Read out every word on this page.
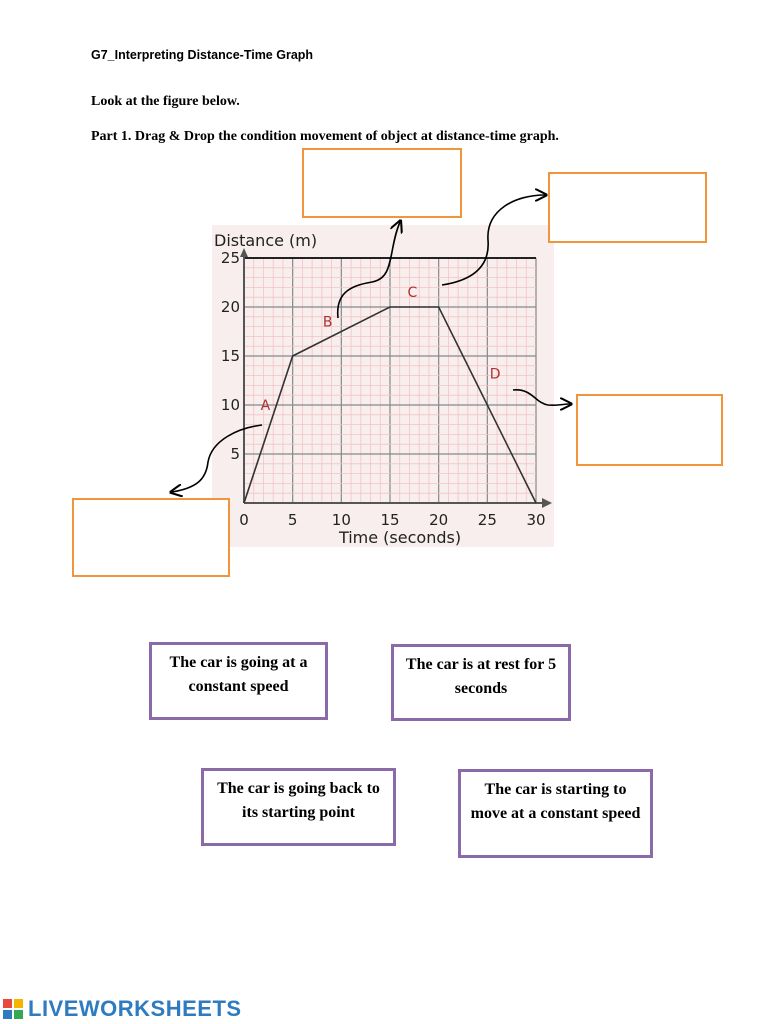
G7_Interpreting Distance-Time Graph
Look at the figure below.
Part 1. Drag & Drop the condition movement of object at distance-time graph.
0	5 10 15 20 25 30
5
10
15
20
25
A
B
C
D
Distance (m)
Time (seconds)
The car is going at a constant speed
The car is at rest for 5 seconds
The car is going back to its starting point
The car is starting to move at a constant speed
LIVEWORKSHEETS
